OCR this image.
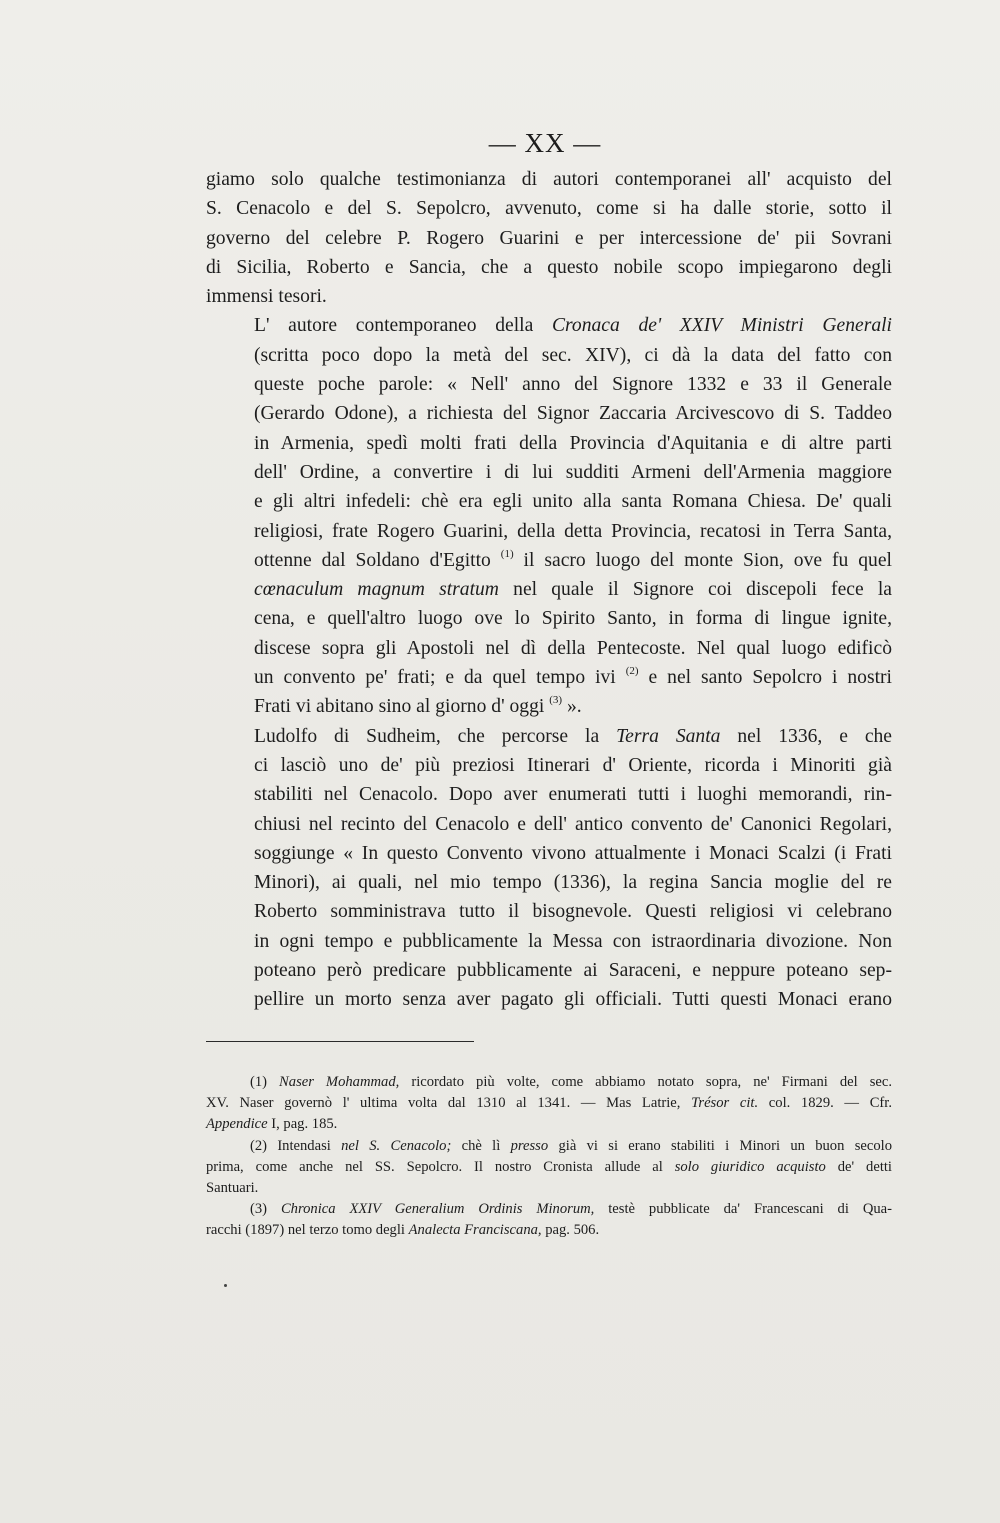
— XX —

giamo solo qualche testimonianza di autori contemporanei all' acquisto del
S. Cenacolo e del S. Sepolcro, avvenuto, come si ha dalle storie, sotto il
governo del celebre P. Rogero Guarini e per intercessione de' pii Sovrani
di Sicilia, Roberto e Sancia, che a questo nobile scopo impiegarono degli
immensi tesori.

L' autore contemporaneo della Cronaca de' XXIV Ministri Generali
(scritta poco dopo la metà del sec. XIV), ci dà la data del fatto con
queste poche parole: « Nell' anno del Signore 1332 e 33 il Generale
(Gerardo Odone), a richiesta del Signor Zaccaria Arcivescovo di S. Taddeo
in Armenia, spedì molti frati della Provincia d'Aquitania e di altre parti
dell' Ordine, a convertire i di lui sudditi Armeni dell'Armenia maggiore
e gli altri infedeli: chè era egli unito alla santa Romana Chiesa. De' quali
religiosi, frate Rogero Guarini, della detta Provincia, recatosi in Terra Santa,
ottenne dal Soldano d'Egitto $^{(1)}$ il sacro luogo del monte Sion, ove fu quel
cœnaculum magnum stratum nel quale il Signore coi discepoli fece la
cena, e quell'altro luogo ove lo Spirito Santo, in forma di lingue ignite,
discese sopra gli Apostoli nel dì della Pentecoste. Nel qual luogo edificò
un convento pe' frati; e da quel tempo ivi $^{(2)}$ e nel santo Sepolcro i nostri
Frati vi abitano sino al giorno d' oggi $^{(3)}$ ».

Ludolfo di Sudheim, che percorse la Terra Santa nel 1336, e che
ci lasciò uno de' più preziosi Itinerari d' Oriente, ricorda i Minoriti già
stabiliti nel Cenacolo. Dopo aver enumerati tutti i luoghi memorandi, rin-
chiusi nel recinto del Cenacolo e dell' antico convento de' Canonici Regolari,
soggiunge « In questo Convento vivono attualmente i Monaci Scalzi (i Frati
Minori), ai quali, nel mio tempo (1336), la regina Sancia moglie del re
Roberto somministrava tutto il bisognevole. Questi religiosi vi celebrano
in ogni tempo e pubblicamente la Messa con istraordinaria divozione. Non
poteano però predicare pubblicamente ai Saraceni, e neppure poteano sep-
pellire un morto senza aver pagato gli officiali. Tutti questi Monaci erano

(1) Naser Mohammad, ricordato più volte, come abbiamo notato sopra, ne' Firmani del sec.
XV. Naser governò l' ultima volta dal 1310 al 1341. — Mas Latrie, Trésor cit. col. 1829. — Cfr.
Appendice I, pag. 185.
(2) Intendasi nel S. Cenacolo; chè lì presso già vi si erano stabiliti i Minori un buon secolo
prima, come anche nel SS. Sepolcro. Il nostro Cronista allude al solo giuridico acquisto de' detti
Santuari.
(3) Chronica XXIV Generalium Ordinis Minorum, testè pubblicate da' Francescani di Qua-
racchi (1897) nel terzo tomo degli Analecta Franciscana, pag. 506.
